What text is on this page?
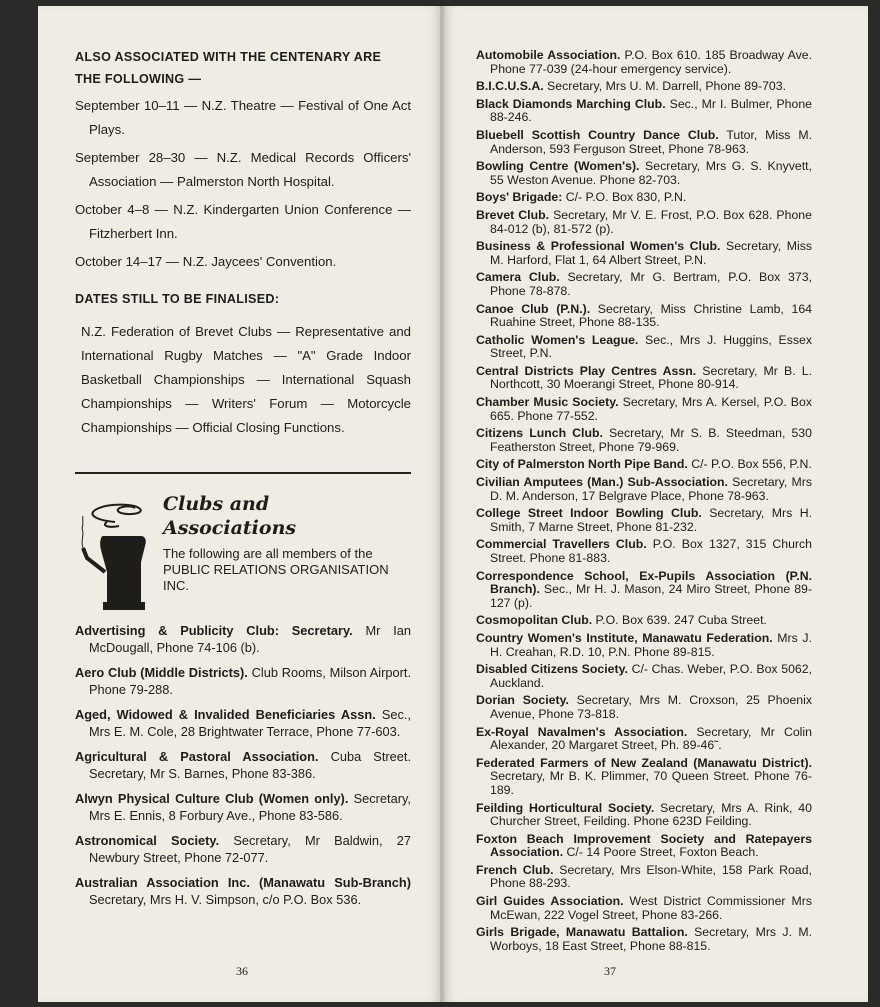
ALSO ASSOCIATED WITH THE CENTENARY ARE THE FOLLOWING —
September 10–11 — N.Z. Theatre — Festival of One Act Plays.
September 28–30 — N.Z. Medical Records Officers' Association — Palmerston North Hospital.
October 4–8 — N.Z. Kindergarten Union Conference — Fitzherbert Inn.
October 14–17 — N.Z. Jaycees' Convention.
DATES STILL TO BE FINALISED:
N.Z. Federation of Brevet Clubs — Representative and International Rugby Matches — "A" Grade Indoor Basketball Championships — International Squash Championships — Writers' Forum — Motorcycle Championships — Official Closing Functions.
Clubs and
Associations
The following are all members of the PUBLIC RELATIONS ORGANISATION INC.
Advertising & Publicity Club: Secretary. Mr Ian McDougall, Phone 74-106 (b).
Aero Club (Middle Districts). Club Rooms, Milson Airport. Phone 79-288.
Aged, Widowed & Invalided Beneficiaries Assn. Sec., Mrs E. M. Cole, 28 Brightwater Terrace, Phone 77-603.
Agricultural & Pastoral Association. Cuba Street. Secretary, Mr S. Barnes, Phone 83-386.
Alwyn Physical Culture Club (Women only). Secretary, Mrs E. Ennis, 8 Forbury Ave., Phone 83-586.
Astronomical Society. Secretary, Mr Baldwin, 27 Newbury Street, Phone 72-077.
Australian Association Inc. (Manawatu Sub-Branch) Secretary, Mrs H. V. Simpson, c/o P.O. Box 536.
36
Automobile Association. P.O. Box 610. 185 Broadway Ave. Phone 77-039 (24-hour emergency service).
B.I.C.U.S.A. Secretary, Mrs U. M. Darrell, Phone 89-703.
Black Diamonds Marching Club. Sec., Mr I. Bulmer, Phone 88-246.
Bluebell Scottish Country Dance Club. Tutor, Miss M. Anderson, 593 Ferguson Street, Phone 78-963.
Bowling Centre (Women's). Secretary, Mrs G. S. Knyvett, 55 Weston Avenue. Phone 82-703.
Boys' Brigade: C/- P.O. Box 830, P.N.
Brevet Club. Secretary, Mr V. E. Frost, P.O. Box 628. Phone 84-012 (b), 81-572 (p).
Business & Professional Women's Club. Secretary, Miss M. Harford, Flat 1, 64 Albert Street, P.N.
Camera Club. Secretary, Mr G. Bertram, P.O. Box 373, Phone 78-878.
Canoe Club (P.N.). Secretary, Miss Christine Lamb, 164 Ruahine Street, Phone 88-135.
Catholic Women's League. Sec., Mrs J. Huggins, Essex Street, P.N.
Central Districts Play Centres Assn. Secretary, Mr B. L. Northcott, 30 Moerangi Street, Phone 80-914.
Chamber Music Society. Secretary, Mrs A. Kersel, P.O. Box 665. Phone 77-552.
Citizens Lunch Club. Secretary, Mr S. B. Steedman, 530 Featherston Street, Phone 79-969.
City of Palmerston North Pipe Band. C/- P.O. Box 556, P.N.
Civilian Amputees (Man.) Sub-Association. Secretary, Mrs D. M. Anderson, 17 Belgrave Place, Phone 78-963.
College Street Indoor Bowling Club. Secretary, Mrs H. Smith, 7 Marne Street, Phone 81-232.
Commercial Travellers Club. P.O. Box 1327, 315 Church Street. Phone 81-883.
Correspondence School, Ex-Pupils Association (P.N. Branch). Sec., Mr H. J. Mason, 24 Miro Street, Phone 89-127 (p).
Cosmopolitan Club. P.O. Box 639. 247 Cuba Street.
Country Women's Institute, Manawatu Federation. Mrs J. H. Creahan, R.D. 10, P.N. Phone 89-815.
Disabled Citizens Society. C/- Chas. Weber, P.O. Box 5062, Auckland.
Dorian Society. Secretary, Mrs M. Croxson, 25 Phoenix Avenue, Phone 73-818.
Ex-Royal Navalmen's Association. Secretary, Mr Colin Alexander, 20 Margaret Street, Ph. 89-46˜.
Federated Farmers of New Zealand (Manawatu District). Secretary, Mr B. K. Plimmer, 70 Queen Street. Phone 76-189.
Feilding Horticultural Society. Secretary, Mrs A. Rink, 40 Churcher Street, Feilding. Phone 623D Feilding.
Foxton Beach Improvement Society and Ratepayers Association. C/- 14 Poore Street, Foxton Beach.
French Club. Secretary, Mrs Elson-White, 158 Park Road, Phone 88-293.
Girl Guides Association. West District Commissioner Mrs McEwan, 222 Vogel Street, Phone 83-266.
Girls Brigade, Manawatu Battalion. Secretary, Mrs J. M. Worboys, 18 East Street, Phone 88-815.
37
